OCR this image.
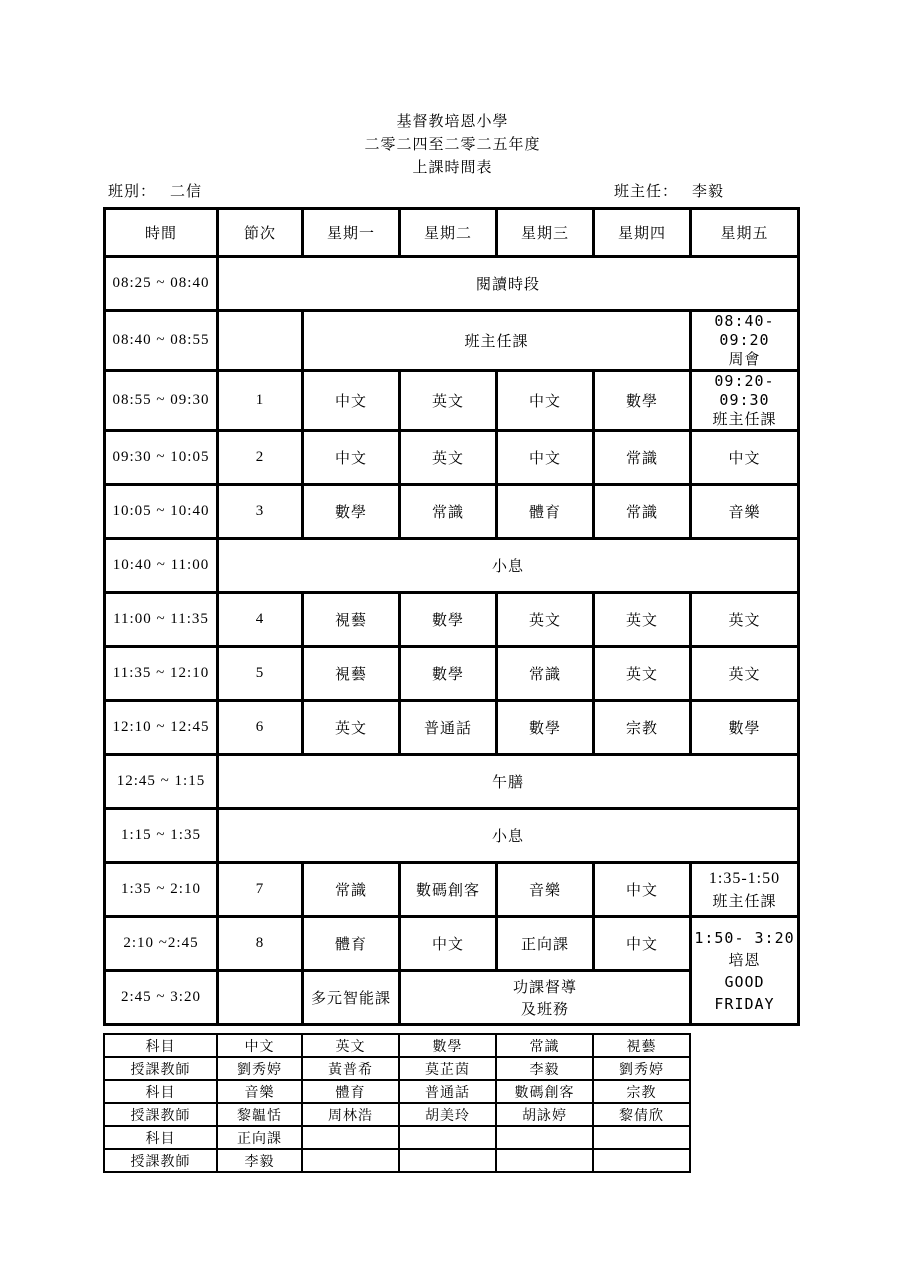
基督教培恩小學
二零二四至二零二五年度
上課時間表
班別： 二信	班主任： 李毅
時間	節次	星期一	星期二	星期三	星期四	星期五
08:25 ~ 08:40	閱讀時段					
08:40 ~ 08:55		班主任課				08:40-09:20
周會

08:55 ~ 09:30	1	中文	英文	中文	數學	09:20-09:30
班主任課

09:30 ~ 10:05	2	中文	英文	中文	常識	中文
10:05 ~ 10:40	3	數學	常識	體育	常識	音樂
10:40 ~ 11:00	小息					
11:00 ~ 11:35	4	視藝	數學	英文	英文	英文
11:35 ~ 12:10	5	視藝	數學	常識	英文	英文
12:10 ~ 12:45	6	英文	普通話	數學	宗教	數學
12:45 ~ 1:15	午膳					
1:15 ~ 1:35	小息					
1:35 ~ 2:10	7	常識	數碼創客	音樂	中文	1:35-1:50
班主任課

2:10 ~2:45	8	體育	中文	正向課	中文	1:50- 3:20
培恩
GOOD FRIDAY

2:45 ~ 3:20		多元智能課	功課督導
及班務			
科目	中文	英文	數學	常識	視藝
授課教師	劉秀婷	黃普希	莫芷茵	李毅	劉秀婷
科目	音樂	體育	普通話	數碼創客	宗教
授課教師	黎韞恬	周林浩	胡美玲	胡詠婷	黎倩欣
科目	正向課				
授課教師	李毅				
